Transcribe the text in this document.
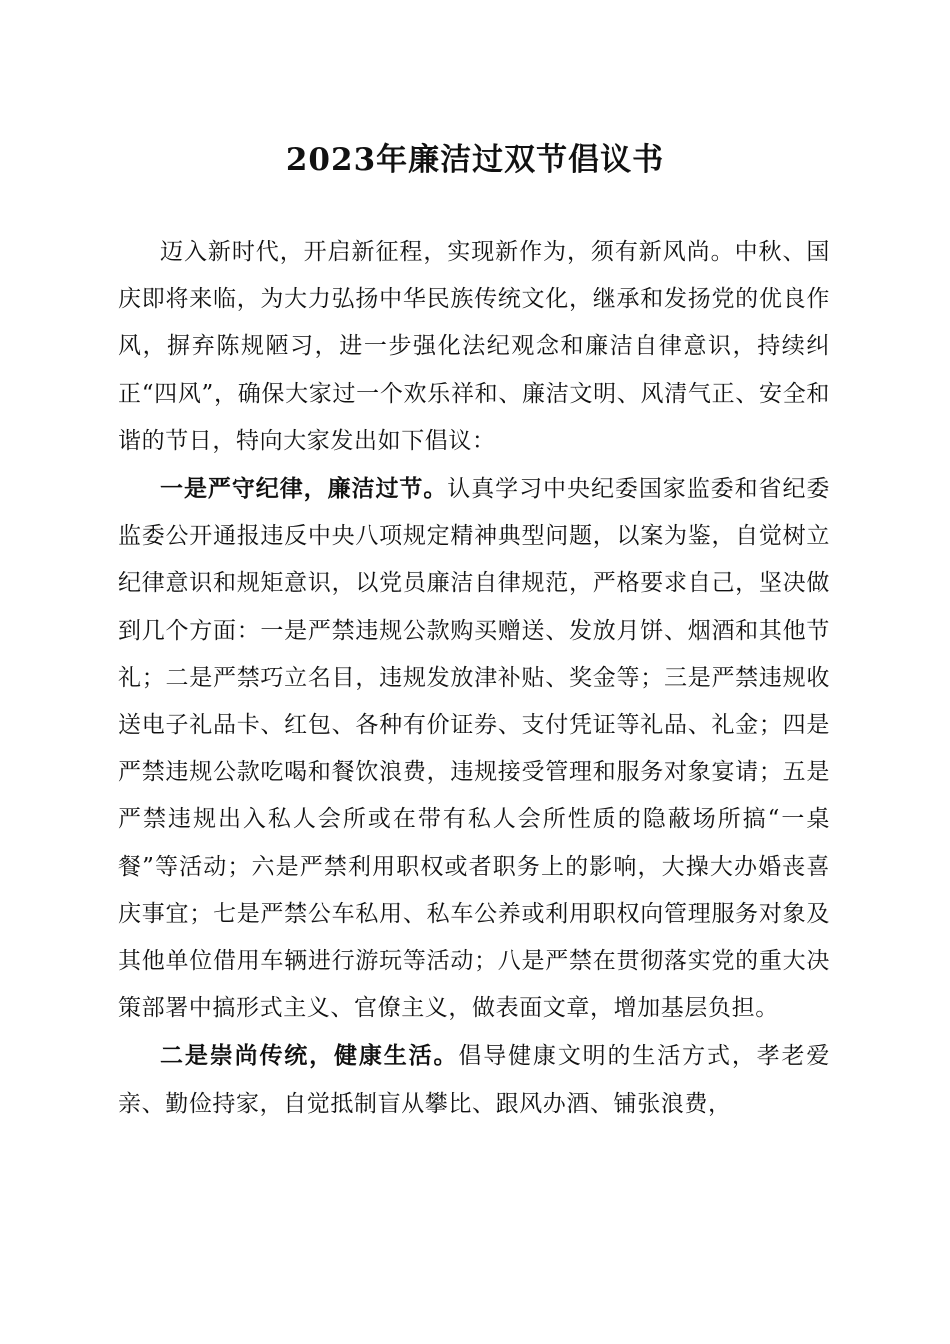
2023年廉洁过双节倡议书

迈入新时代，开启新征程，实现新作为，须有新风尚。中秋、国庆即将来临，为大力弘扬中华民族传统文化，继承和发扬党的优良作风，摒弃陈规陋习，进一步强化法纪观念和廉洁自律意识，持续纠正“四风”，确保大家过一个欢乐祥和、廉洁文明、风清气正、安全和谐的节日，特向大家发出如下倡议：

一是严守纪律，廉洁过节。认真学习中央纪委国家监委和省纪委监委公开通报违反中央八项规定精神典型问题，以案为鉴，自觉树立纪律意识和规矩意识，以党员廉洁自律规范，严格要求自己，坚决做到几个方面：一是严禁违规公款购买赠送、发放月饼、烟酒和其他节礼；二是严禁巧立名目，违规发放津补贴、奖金等；三是严禁违规收送电子礼品卡、红包、各种有价证券、支付凭证等礼品、礼金；四是严禁违规公款吃喝和餐饮浪费，违规接受管理和服务对象宴请；五是严禁违规出入私人会所或在带有私人会所性质的隐蔽场所搞“一桌餐”等活动；六是严禁利用职权或者职务上的影响，大操大办婚丧喜庆事宜；七是严禁公车私用、私车公养或利用职权向管理服务对象及其他单位借用车辆进行游玩等活动；八是严禁在贯彻落实党的重大决策部署中搞形式主义、官僚主义，做表面文章，增加基层负担。

二是崇尚传统，健康生活。倡导健康文明的生活方式，孝老爱亲、勤俭持家，自觉抵制盲从攀比、跟风办酒、铺张浪费，
